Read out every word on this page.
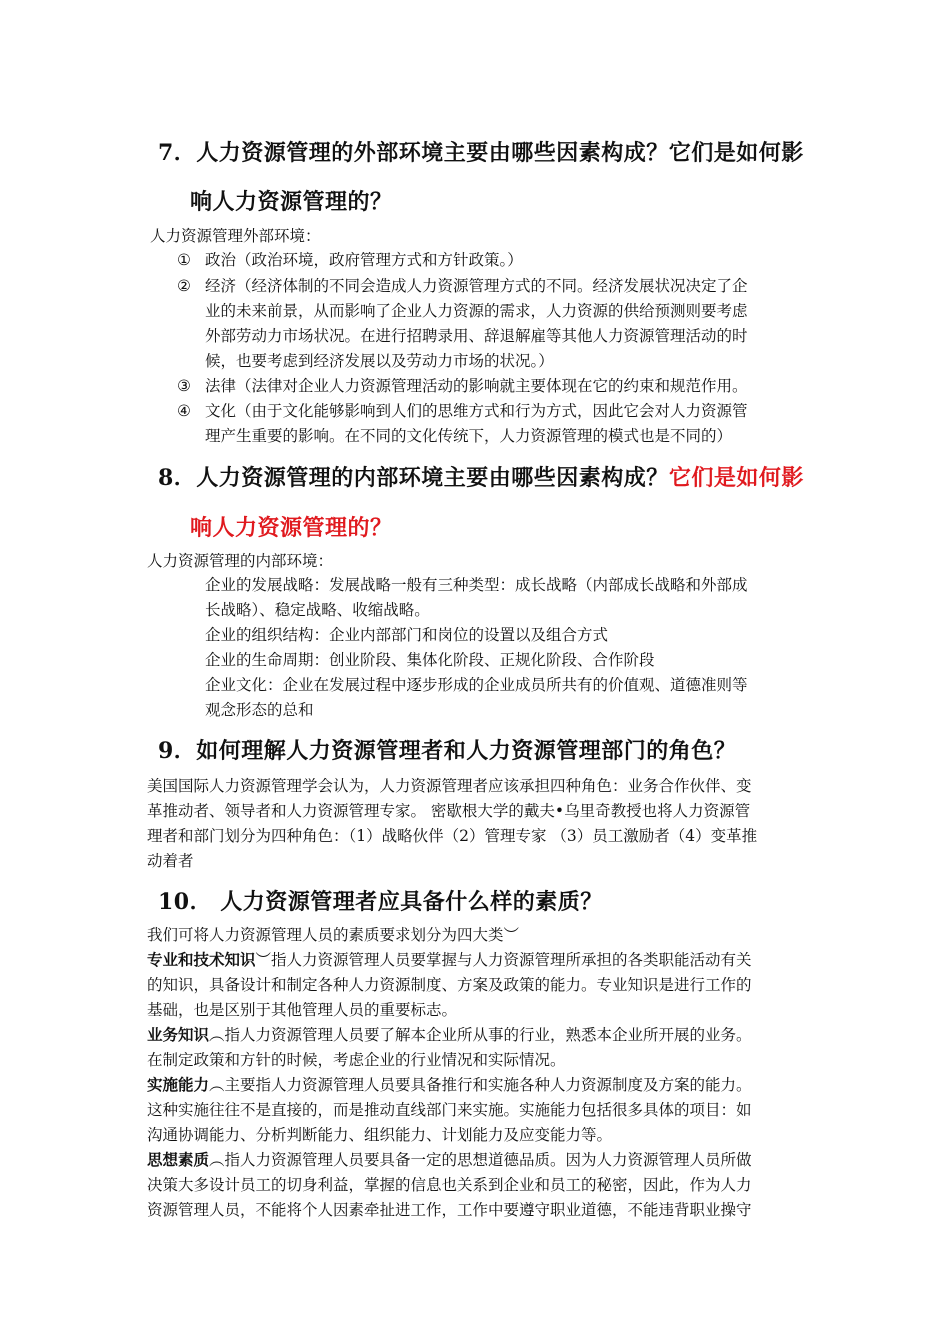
7．人力资源管理的外部环境主要由哪些因素构成？它们是如何影
响人力资源管理的？
人力资源管理外部环境：
① 政治（政治环境，政府管理方式和方针政策。）
② 经济（经济体制的不同会造成人力资源管理方式的不同。经济发展状况决定了企
业的未来前景，从而影响了企业人力资源的需求，人力资源的供给预测则要考虑
外部劳动力市场状况。在进行招聘录用、辞退解雇等其他人力资源管理活动的时
候，也要考虑到经济发展以及劳动力市场的状况。）
③ 法律（法律对企业人力资源管理活动的影响就主要体现在它的约束和规范作用。
④ 文化（由于文化能够影响到人们的思维方式和行为方式，因此它会对人力资源管
理产生重要的影响。在不同的文化传统下，人力资源管理的模式也是不同的）
8．人力资源管理的内部环境主要由哪些因素构成？它们是如何影
响人力资源管理的？
人力资源管理的内部环境：
企业的发展战略：发展战略一般有三种类型：成长战略（内部成长战略和外部成
长战略）、稳定战略、收缩战略。
企业的组织结构：企业内部部门和岗位的设置以及组合方式
企业的生命周期：创业阶段、集体化阶段、正规化阶段、合作阶段
企业文化：企业在发展过程中逐步形成的企业成员所共有的价值观、道德准则等
观念形态的总和
9．如何理解人力资源管理者和人力资源管理部门的角色？
美国国际人力资源管理学会认为，人力资源管理者应该承担四种角色：业务合作伙伴、变
革推动者、领导者和人力资源管理专家。 密歇根大学的戴夫•乌里奇教授也将人力资源管
理者和部门划分为四种角色：（1）战略伙伴（2）管理专家 （3）员工激励者（4）变革推
动着者
10． 人力资源管理者应具备什么样的素质？
我们可将人力资源管理人员的素质要求划分为四大类︶
专业和技术知识︶指人力资源管理人员要掌握与人力资源管理所承担的各类职能活动有关
的知识，具备设计和制定各种人力资源制度、方案及政策的能力。专业知识是进行工作的
基础，也是区别于其他管理人员的重要标志。
业务知识︵指人力资源管理人员要了解本企业所从事的行业，熟悉本企业所开展的业务。
在制定政策和方针的时候，考虑企业的行业情况和实际情况。
实施能力︵主要指人力资源管理人员要具备推行和实施各种人力资源制度及方案的能力。
这种实施往往不是直接的，而是推动直线部门来实施。实施能力包括很多具体的项目：如
沟通协调能力、分析判断能力、组织能力、计划能力及应变能力等。
思想素质︵指人力资源管理人员要具备一定的思想道德品质。因为人力资源管理人员所做
决策大多设计员工的切身利益，掌握的信息也关系到企业和员工的秘密，因此，作为人力
资源管理人员，不能将个人因素牵扯进工作，工作中要遵守职业道德，不能违背职业操守
